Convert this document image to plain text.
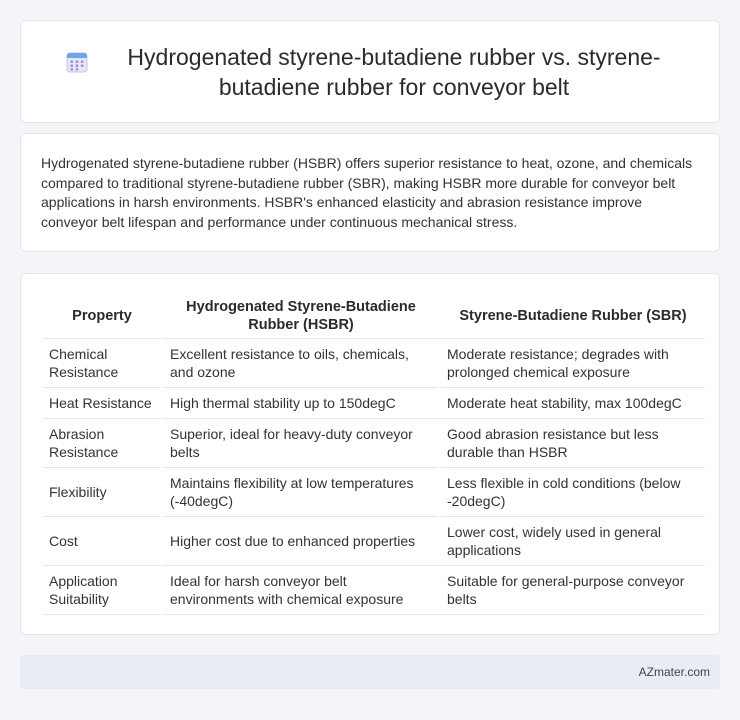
Hydrogenated styrene-butadiene rubber vs. styrene-butadiene rubber for conveyor belt

Hydrogenated styrene-butadiene rubber (HSBR) offers superior resistance to heat, ozone, and chemicals compared to traditional styrene-butadiene rubber (SBR), making HSBR more durable for conveyor belt applications in harsh environments. HSBR's enhanced elasticity and abrasion resistance improve conveyor belt lifespan and performance under continuous mechanical stress.

Property	Hydrogenated Styrene-Butadiene Rubber (HSBR)	Styrene-Butadiene Rubber (SBR)
Chemical Resistance	Excellent resistance to oils, chemicals, and ozone	Moderate resistance; degrades with prolonged chemical exposure
Heat Resistance	High thermal stability up to 150degC	Moderate heat stability, max 100degC
Abrasion Resistance	Superior, ideal for heavy-duty conveyor belts	Good abrasion resistance but less durable than HSBR
Flexibility	Maintains flexibility at low temperatures (-40degC)	Less flexible in cold conditions (below -20degC)
Cost	Higher cost due to enhanced properties	Lower cost, widely used in general applications
Application Suitability	Ideal for harsh conveyor belt environments with chemical exposure	Suitable for general-purpose conveyor belts
AZmater.com
